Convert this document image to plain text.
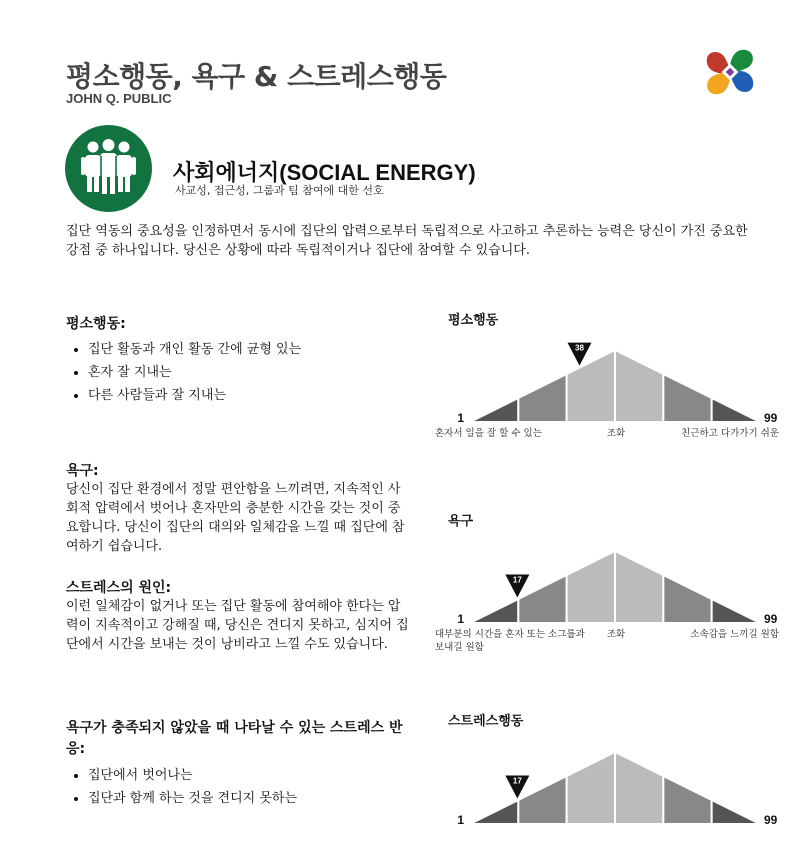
평소행동, 욕구 & 스트레스행동
JOHN Q. PUBLIC
사회에너지(SOCIAL ENERGY)
사교성, 접근성, 그룹과 팀 참여에 대한 선호

집단 역동의 중요성을 인정하면서 동시에 집단의 압력으로부터 독립적으로 사고하고 추론하는 능력은 당신이 가진 중요한 강점 중 하나입니다. 당신은 상황에 따라 독립적이거나 집단에 참여할 수 있습니다.

평소행동:
• 집단 활동과 개인 활동 간에 균형 있는
• 혼자 잘 지내는
• 다른 사람들과 잘 지내는
욕구:

당신이 집단 환경에서 정말 편안함을 느끼려면, 지속적인 사회적 압력에서 벗어나 혼자만의 충분한 시간을 갖는 것이 중요합니다. 당신이 집단의 대의와 일체감을 느낄 때 집단에 참여하기 쉽습니다.

스트레스의 원인:

이런 일체감이 없거나 또는 집단 활동에 참여해야 한다는 압력이 지속적이고 강해질 때, 당신은 견디지 못하고, 심지어 집단에서 시간을 보내는 것이 낭비라고 느낄 수도 있습니다.

욕구가 충족되지 않았을 때 나타날 수 있는 스트레스 반응:
• 집단에서 벗어나는
• 집단과 함께 하는 것을 견디지 못하는
평소행동
1	99
38
혼자서 일을 잘 할 수 있는	조화	친근하고 다가가기 쉬운
욕구
1	99
17
대부분의 시간을 혼자 또는 소그룹과
보내길 원함
조화	소속감을 느끼길 원함
스트레스행동
1	99
17
